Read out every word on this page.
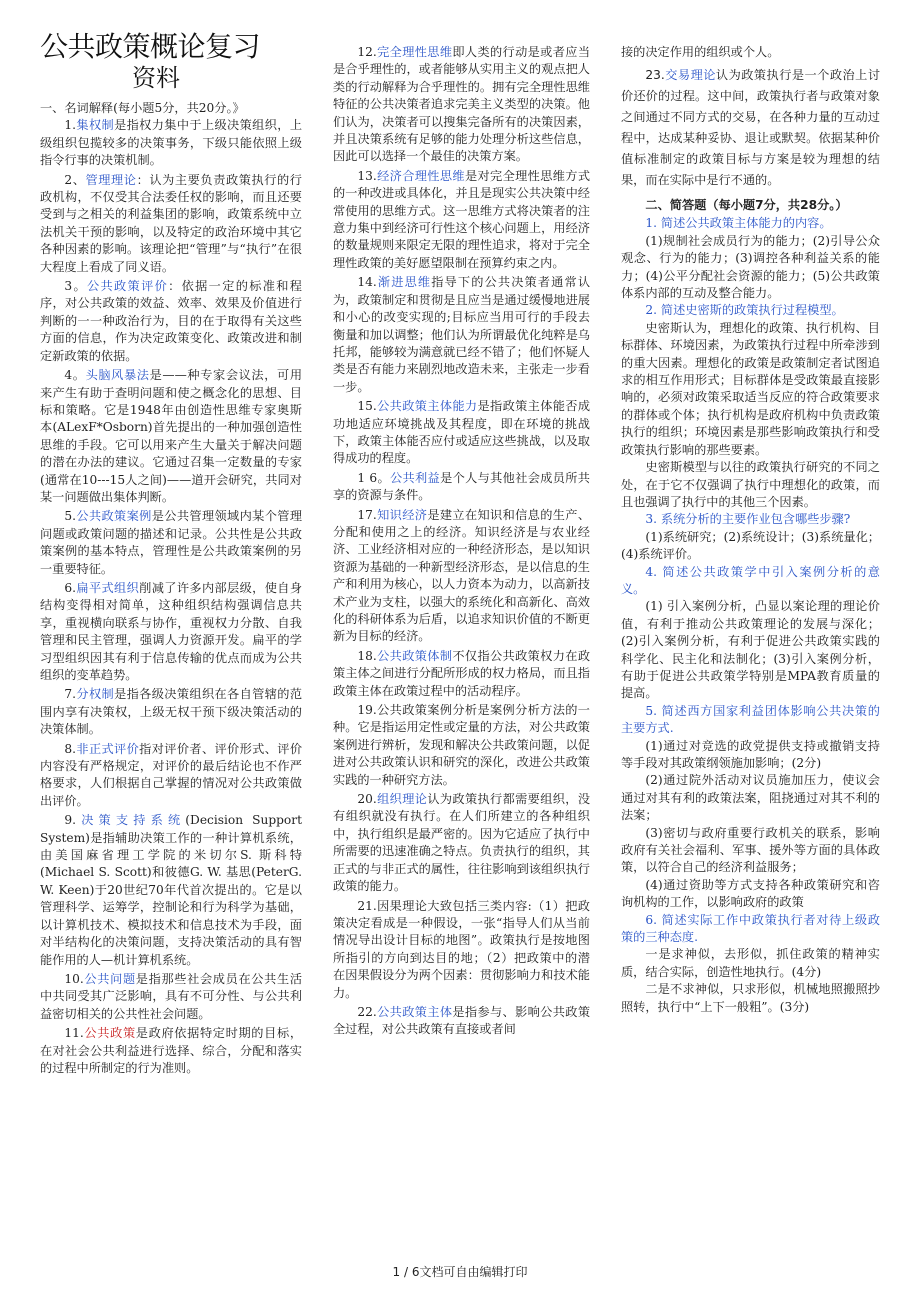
公共政策概论复习
资料

一、名词解释(每小题5分，共20分。》

1.集权制是指权力集中于上级决策组织，上级组织包揽较多的决策事务，下级只能依照上级指令行事的决策机制。

2、管理理论：认为主要负责政策执行的行政机构，不仅受其合法委任权的影响，而且还要受到与之相关的利益集团的影响，政策系统中立法机关干预的影响，以及特定的政治环境中其它各种因素的影响。该理论把“管理”与“执行”在很大程度上看成了同义语。

3。公共政策评价：依据一定的标准和程序，对公共政策的效益、效率、效果及价值进行判断的一一种政治行为，目的在于取得有关这些方面的信息，作为决定政策变化、政策改进和制定新政策的依据。

4。头脑风暴法是——种专家会议法，可用来产生有助于查明问题和使之概念化的思想、目标和策略。它是1948年由创造性思维专家奥斯本(ALexF*Osborn)首先提出的一种加强创造性思维的手段。它可以用来产生大量关于解决问题的潜在办法的建议。它通过召集一定数量的专家(通常在10---15人之间)——道开会研究，共同对某一问题做出集体判断。

5.公共政策案例是公共管理领域内某个管理问题或政策问题的描述和记录。公共性是公共政策案例的基本特点，管理性是公共政策案例的另一重要特征。

6.扁平式组织削减了许多内部层级，使自身结构变得相对简单，这种组织结构强调信息共享，重视横向联系与协作，重视权力分散、自我管理和民主管理，强调人力资源开发。扁平的学习型组织因其有利于信息传输的优点而成为公共组织的变革趋势。

7.分权制是指各级决策组织在各自管辖的范围内享有决策权，上级无权干预下级决策活动的决策体制。

8.非正式评价指对评价者、评价形式、评价内容没有严格规定，对评价的最后结论也不作严格要求，人们根据自己掌握的情况对公共政策做出评价。

9.决策支持系统(Decision Support System)是指辅助决策工作的一种计算机系统，由美国麻省理工学院的米切尔S. 斯科特(Michael S. Scott)和彼德G. W. 基思(PeterG. W. Keen)于20世纪70年代首次提出的。它是以管理科学、运筹学，控制论和行为科学为基础，以计算机技术、模拟技术和信息技术为手段，面对半结构化的决策问题，支持决策活动的具有智能作用的人—机计算机系统。

10.公共问题是指那些社会成员在公共生活中共同受其广泛影响，具有不可分性、与公共利益密切相关的公共性社会问题。

11.公共政策是政府依据特定时期的目标，在对社会公共利益进行选择、综合，分配和落实的过程中所制定的行为准则。

12.完全理性思维即人类的行动是或者应当是合乎理性的，或者能够从实用主义的观点把人类的行动解释为合乎理性的。拥有完全理性思维特征的公共决策者追求完美主义类型的决策。他们认为，决策者可以搜集完备所有的决策因素，并且决策系统有足够的能力处理分析这些信息，因此可以选择一个最佳的决策方案。

13.经济合理性思维是对完全理性思维方式的一种改进或具体化，并且是现实公共决策中经常使用的思维方式。这一思维方式将决策者的注意力集中到经济可行性这个核心问题上，用经济的数量规则来限定无限的理性追求，将对于完全理性政策的美好愿望限制在预算约束之内。

14.渐进思维指导下的公共决策者通常认为，政策制定和贯彻是且应当是通过缓慢地进展和小心的改变实现的;目标应当用可行的手段去衡量和加以调整；他们认为所谓最优化纯粹是乌托邦，能够较为满意就已经不错了；他们怀疑人类是否有能力来剧烈地改造未来，主张走一步看一步。

15.公共政策主体能力是指政策主体能否成功地适应环境挑战及其程度，即在环境的挑战下，政策主体能否应付或适应这些挑战，以及取得成功的程度。

1 6。公共利益是个人与其他社会成员所共享的资源与条件。

17.知识经济是建立在知识和信息的生产、分配和使用之上的经济。知识经济是与农业经济、工业经济相对应的一种经济形态，是以知识资源为基础的一种新型经济形态，是以信息的生产和利用为核心，以人力资本为动力，以高新技术产业为支柱，以强大的系统化和高新化、高效化的科研体系为后盾，以追求知识价值的不断更新为目标的经济。

18.公共政策体制不仅指公共政策权力在政策主体之间进行分配所形成的权力格局，而且指政策主体在政策过程中的活动程序。

19.公共政策案例分析是案例分析方法的一种。它是指运用定性或定量的方法，对公共政策案例进行辨析，发现和解决公共政策问题，以促进对公共政策认识和研究的深化，改进公共政策实践的一种研究方法。

20.组织理论认为政策执行都需要组织，没有组织就没有执行。在人们所建立的各种组织中，执行组织是最严密的。因为它适应了执行中所需要的迅速准确之特点。负责执行的组织，其正式的与非正式的属性，往往影响到该组织执行政策的能力。

21.因果理论大致包括三类内容:（1）把政策决定看成是一种假设，一张“指导人们从当前情况导出设计目标的地图”。政策执行是按地图所指引的方向到达目的地；（2）把政策中的潜在因果假设分为两个因素：贯彻影响力和技术能力。

22.公共政策主体是指参与、影响公共政策全过程，对公共政策有直接或者间

接的决定作用的组织或个人。

23.交易理论认为政策执行是一个政治上讨价还价的过程。这中间，政策执行者与政策对象之间通过不同方式的交易，在各种力量的互动过程中，达成某种妥协、退让或默契。依据某种价值标准制定的政策目标与方案是较为理想的结果，而在实际中是行不通的。

二、简答题（每小题7分，共28分。）

1. 简述公共政策主体能力的内容。

(1)规制社会成员行为的能力；(2)引导公众观念、行为的能力；(3)调控各种利益关系的能力；(4)公平分配社会资源的能力；(5)公共政策体系内部的互动及整合能力。

2. 简述史密斯的政策执行过程模型。

史密斯认为，理想化的政策、执行机构、目标群体、环境因素，为政策执行过程中所牵涉到的重大因素。理想化的政策是政策制定者试图追求的相互作用形式；目标群体是受政策最直接影响的，必须对政策采取适当反应的符合政策要求的群体或个体；执行机构是政府机构中负责政策执行的组织；环境因素是那些影响政策执行和受政策执行影响的那些要素。

史密斯模型与以往的政策执行研究的不同之处，在于它不仅强调了执行中理想化的政策，而且也强调了执行中的其他三个因素。

3. 系统分析的主要作业包含哪些步骤?

(1)系统研究；(2)系统设计；(3)系统量化；(4)系统评价。

4. 简述公共政策学中引入案例分析的意义。

(1) 引入案例分析，凸显以案论理的理论价值，有利于推动公共政策理论的发展与深化；(2)引入案例分析，有利于促进公共政策实践的科学化、民主化和法制化；(3)引入案例分析，有助于促进公共政策学特别是MPA教育质量的提高。

5. 简述西方国家利益团体影响公共决策的主要方式.

(1)通过对竞选的政党提供支持或撤销支持等手段对其政策纲领施加影响；(2分)

(2)通过院外活动对议员施加压力，使议会通过对其有利的政策法案，阻挠通过对其不利的法案；

(3)密切与政府重要行政机关的联系，影响政府有关社会福利、军事、援外等方面的具体政策，以符合自己的经济利益服务；

(4)通过资助等方式支持各种政策研究和咨询机构的工作，以影响政府的政策

6. 简述实际工作中政策执行者对待上级政策的三种态度.

一是求神似，去形似，抓住政策的精神实质，结合实际，创造性地执行。(4分)

二是不求神似，只求形似，机械地照搬照抄照转，执行中“上下一般粗”。(3分)

1 / 6文档可自由编辑打印
